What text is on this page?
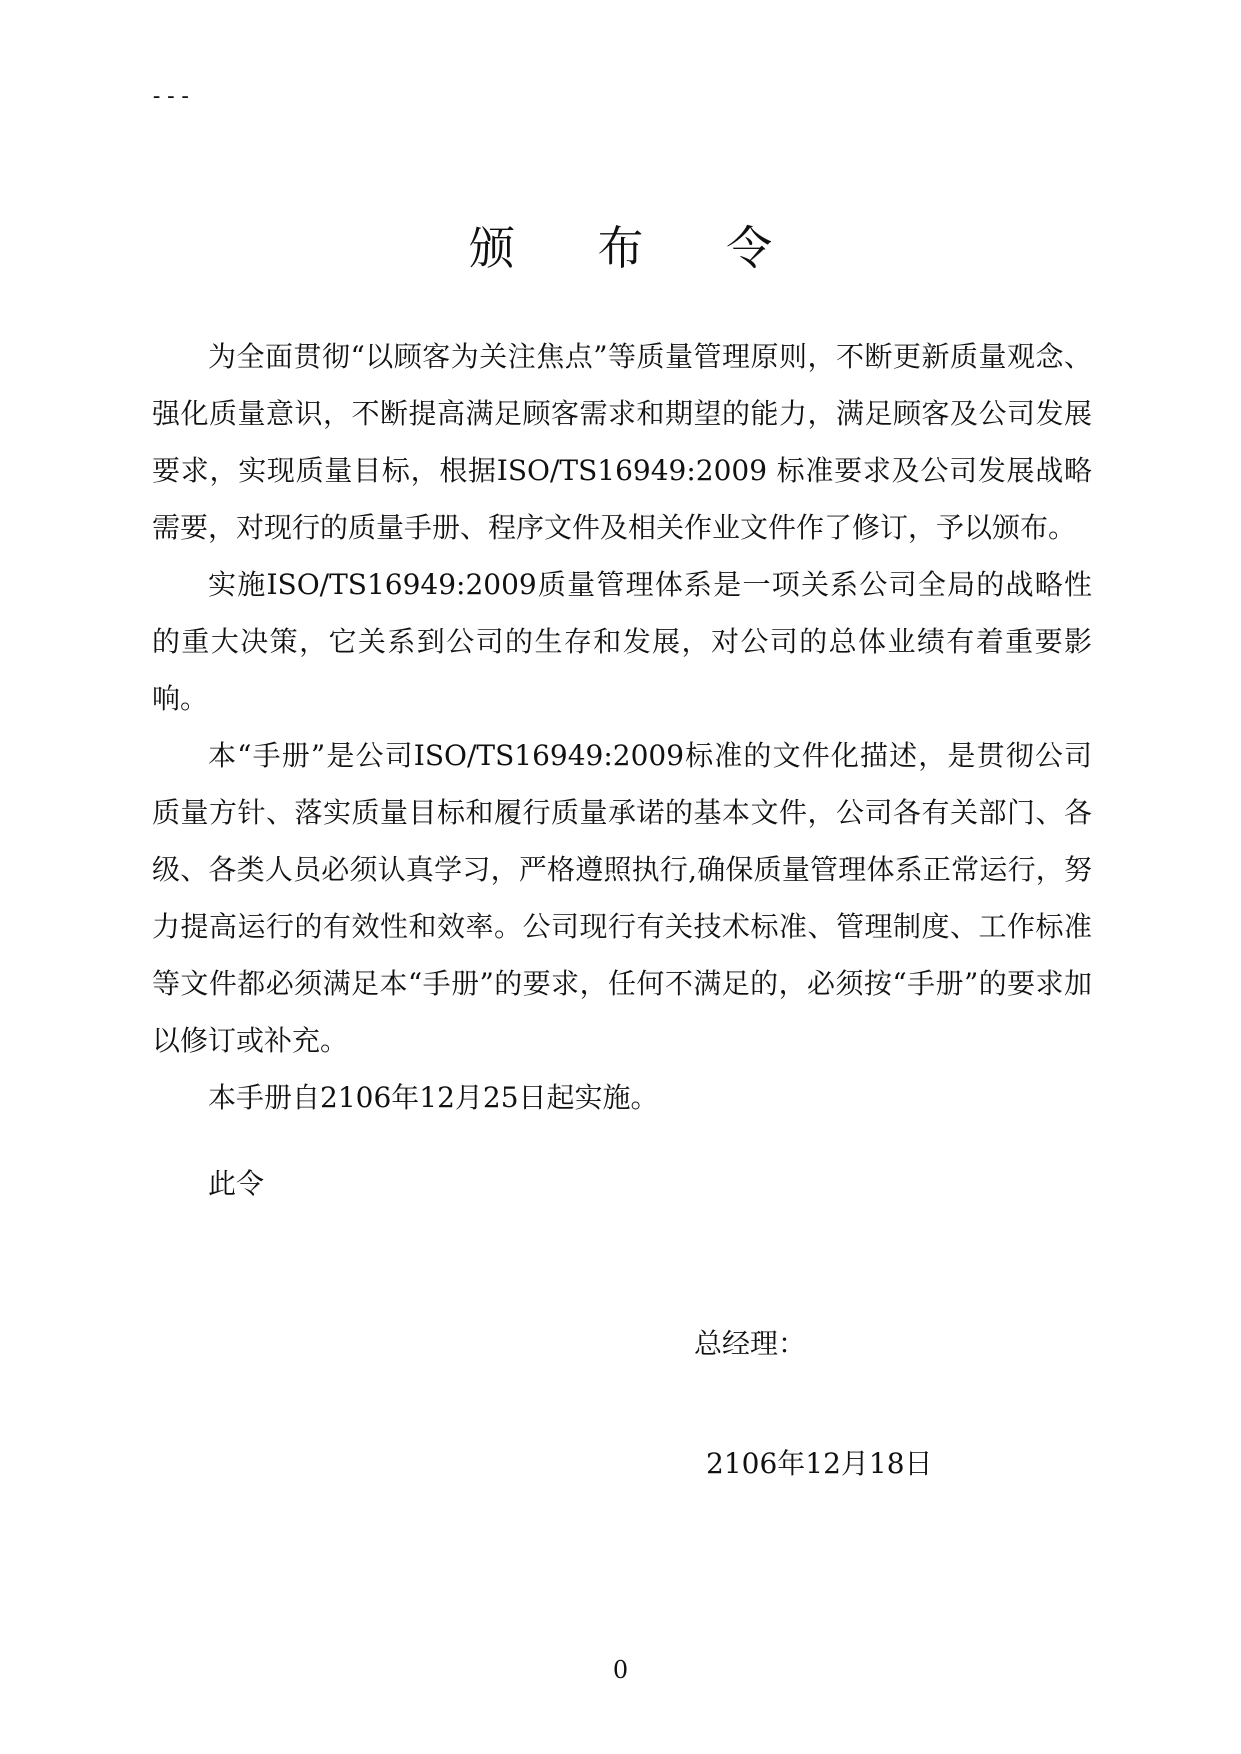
---
颁 布 令

为全面贯彻“以顾客为关注焦点”等质量管理原则，不断更新质量观念、强化质量意识，不断提高满足顾客需求和期望的能力，满足顾客及公司发展要求，实现质量目标，根据ISO/TS16949:2009 标准要求及公司发展战略需要，对现行的质量手册、程序文件及相关作业文件作了修订，予以颁布。

实施ISO/TS16949:2009质量管理体系是一项关系公司全局的战略性的重大决策，它关系到公司的生存和发展，对公司的总体业绩有着重要影响。

本“手册”是公司ISO/TS16949:2009标准的文件化描述，是贯彻公司质量方针、落实质量目标和履行质量承诺的基本文件，公司各有关部门、各级、各类人员必须认真学习，严格遵照执行,确保质量管理体系正常运行，努力提高运行的有效性和效率。公司现行有关技术标准、管理制度、工作标准等文件都必须满足本“手册”的要求，任何不满足的，必须按“手册”的要求加以修订或补充。

本手册自2106年12月25日起实施。

此令
总经理：
2106年12月18日
0
